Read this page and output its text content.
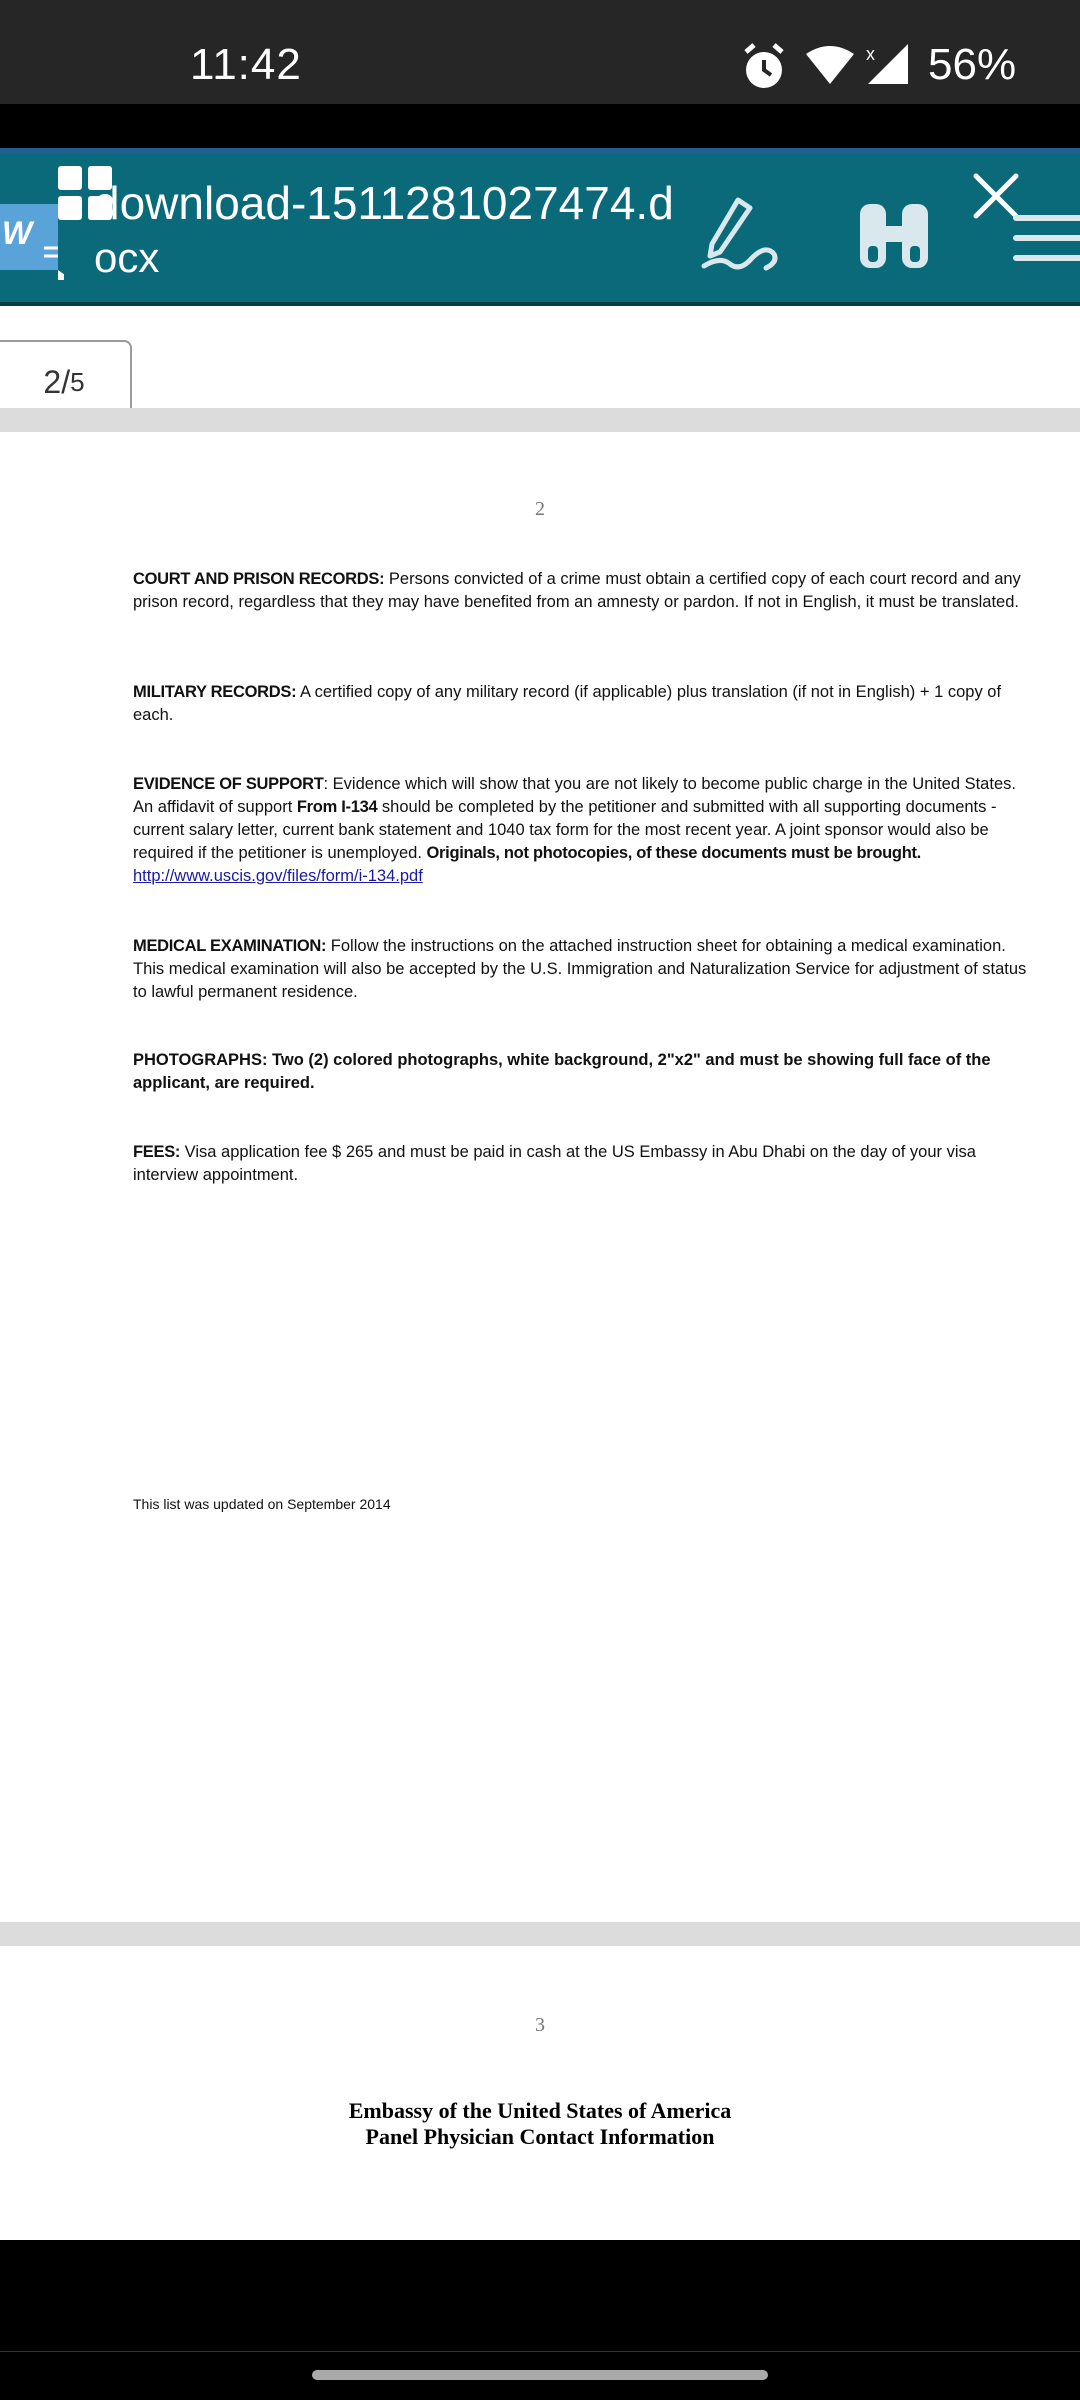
11:42	x 56%
W
download-1511281027474.d
ocx
2/ 5
2
COURT AND PRISON RECORDS: Persons convicted of a crime must obtain a certified copy of each court record and any prison record, regardless that they may have benefited from an amnesty or pardon. If not in English, it must be translated.
MILITARY RECORDS: A certified copy of any military record (if applicable) plus translation (if not in English) + 1 copy of each.
EVIDENCE OF SUPPORT: Evidence which will show that you are not likely to become public charge in the United States. An affidavit of support From I-134 should be completed by the petitioner and submitted with all supporting documents - current salary letter, current bank statement and 1040 tax form for the most recent year. A joint sponsor would also be required if the petitioner is unemployed. Originals, not photocopies, of these documents must be brought.
http://www.uscis.gov/files/form/i-134.pdf
MEDICAL EXAMINATION: Follow the instructions on the attached instruction sheet for obtaining a medical examination. This medical examination will also be accepted by the U.S. Immigration and Naturalization Service for adjustment of status to lawful permanent residence.
PHOTOGRAPHS: Two (2) colored photographs, white background, 2"x2" and must be showing full face of the applicant, are required.
FEES: Visa application fee $ 265 and must be paid in cash at the US Embassy in Abu Dhabi on the day of your visa interview appointment.
This list was updated on September 2014
3
Embassy of the United States of America
Panel Physician Contact Information
